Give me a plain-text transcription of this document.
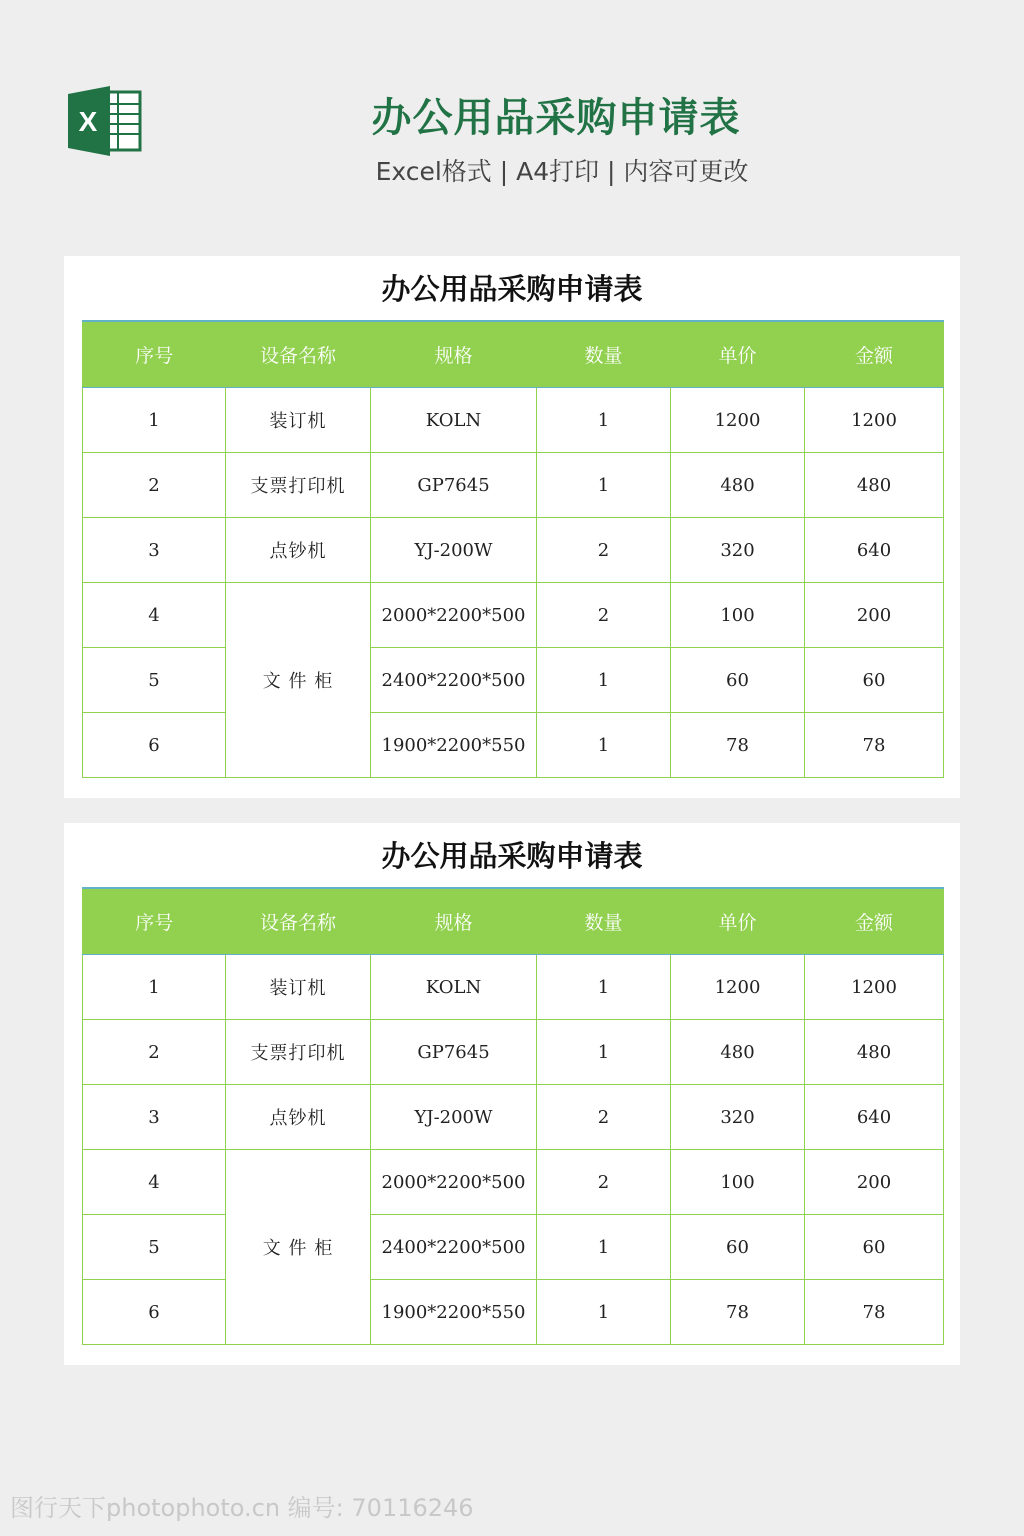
X	办公用品采购申请表
Excel格式 | A4打印 | 内容可更改
办公用品采购申请表
序号	设备名称	规格	数量	单价	金额
1	装订机	KOLN	1	1200	1200
2	支票打印机	GP7645	1	480	480
3	点钞机	YJ-200W	2	320	640
4	文 件 柜	2000*2200*500	2	100	200
5		2400*2200*500	1	60	60
6		1900*2200*550	1	78	78
办公用品采购申请表
序号	设备名称	规格	数量	单价	金额
1	装订机	KOLN	1	1200	1200
2	支票打印机	GP7645	1	480	480
3	点钞机	YJ-200W	2	320	640
4	文 件 柜	2000*2200*500	2	100	200
5		2400*2200*500	1	60	60
6		1900*2200*550	1	78	78
图行天下photophoto.cn 编号: 70116246
